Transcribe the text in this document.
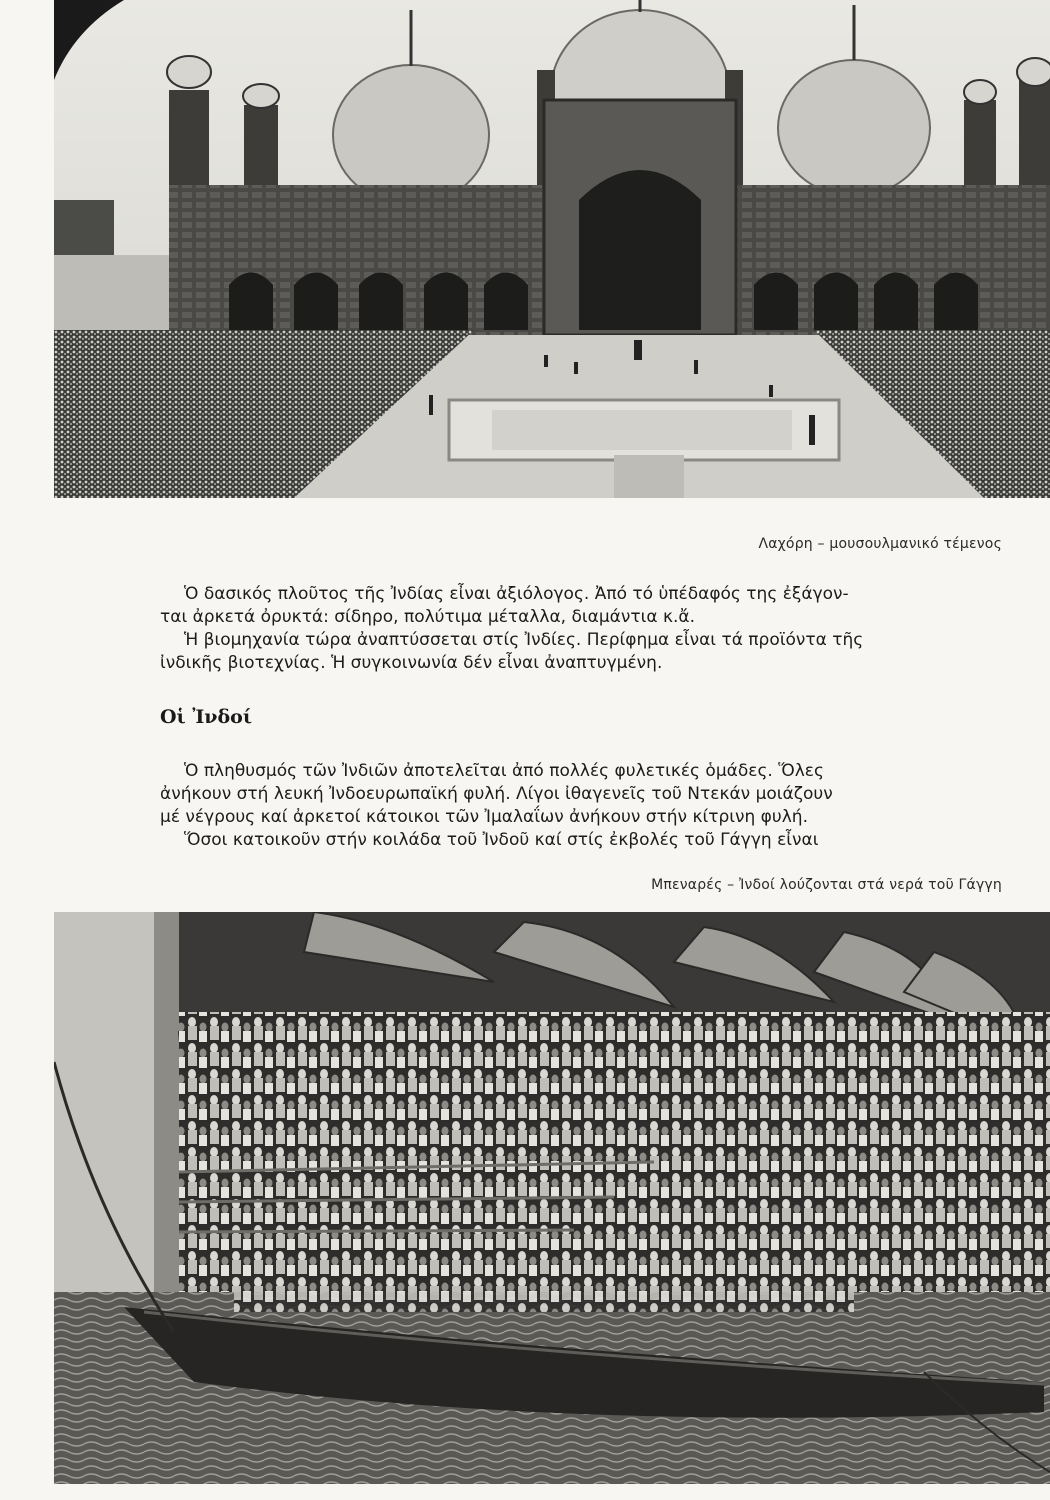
Λαχόρη – μουσουλμανικό τέμενος

Ὁ δασικός πλοῦτος τῆς Ἰνδίας εἶναι ἀξιόλογος. Ἀπό τό ὑπέδαφός της ἐξάγον-
ται ἀρκετά ὀρυκτά: σίδηρο, πολύτιμα μέταλλα, διαμάντια κ.ἄ.
Ἡ βιομηχανία τώρα ἀναπτύσσεται στίς Ἰνδίες. Περίφημα εἶναι τά προϊόντα τῆς
ἰνδικῆς βιοτεχνίας. Ἡ συγκοινωνία δέν εἶναι ἀναπτυγμένη.

Οἱ Ἰνδοί

Ὁ πληθυσμός τῶν Ἰνδιῶν ἀποτελεῖται ἀπό πολλές φυλετικές ὁμάδες. Ὅλες
ἀνήκουν στή λευκή Ἰνδοευρωπαϊκή φυλή. Λίγοι ἰθαγενεῖς τοῦ Ντεκάν μοιάζουν
μέ νέγρους καί ἀρκετοί κάτοικοι τῶν Ἰμαλαΐων ἀνήκουν στήν κίτρινη φυλή.
Ὅσοι κατοικοῦν στήν κοιλάδα τοῦ Ἰνδοῦ καί στίς ἐκβολές τοῦ Γάγγη εἶναι

Μπεναρές – Ἰνδοί λούζονται στά νερά τοῦ Γάγγη
